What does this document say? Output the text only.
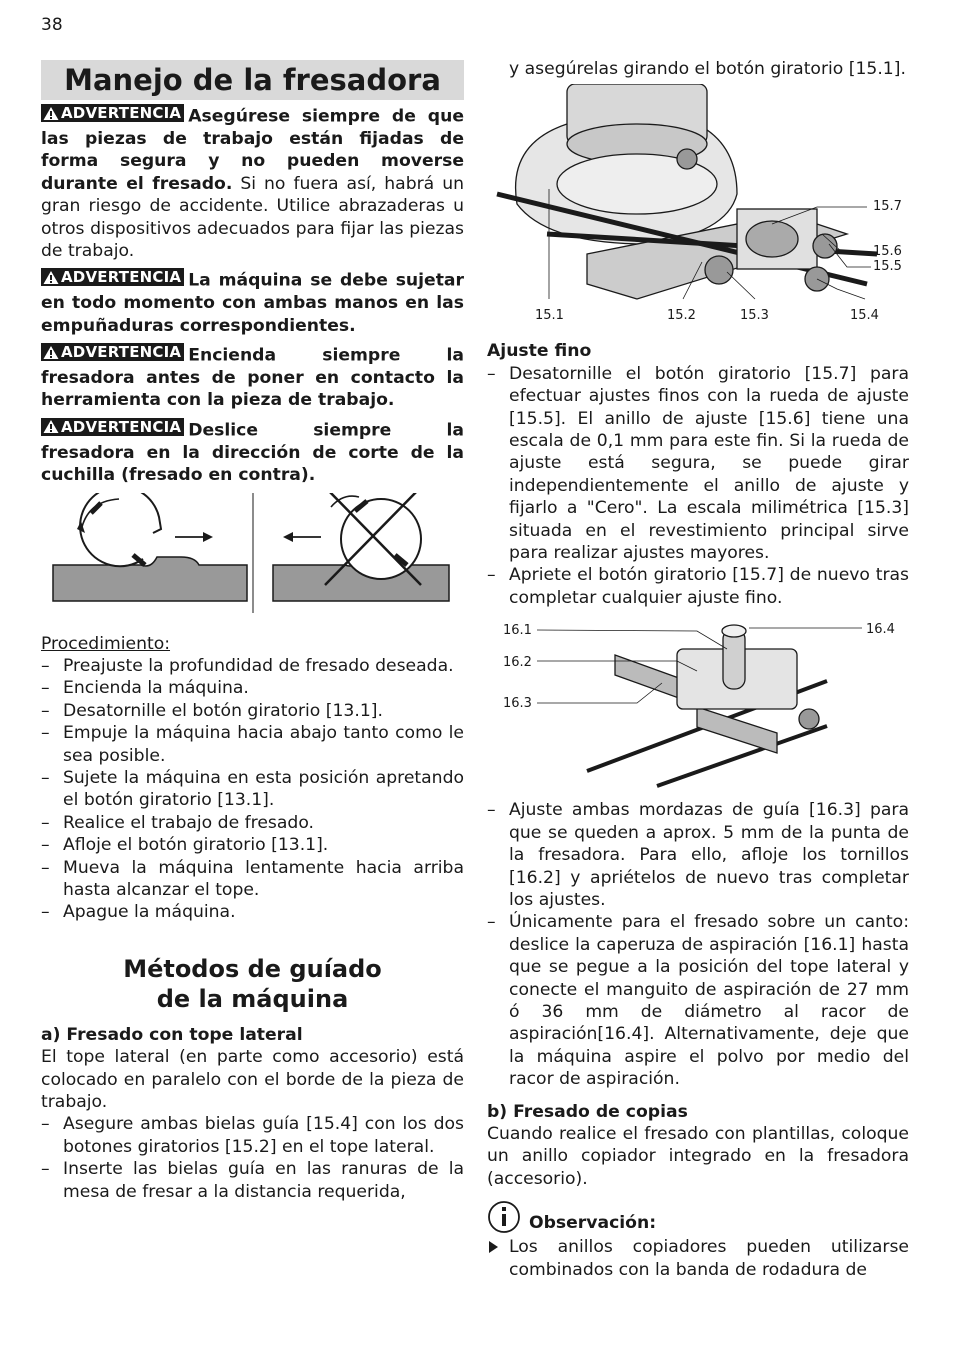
38
Manejo de la fresadora
ADVERTENCIA Asegúrese siempre de que las piezas de trabajo están fijadas de forma segura y no pueden moverse durante el fresado. Si no fuera así, habrá un gran riesgo de accidente. Utilice abrazaderas u otros dispositivos adecuados para fijar las piezas de trabajo.
ADVERTENCIA La máquina se debe sujetar en todo momento con ambas manos en las empuñaduras correspondientes.
ADVERTENCIA Encienda siempre la fresadora antes de poner en contacto la herramienta con la pieza de trabajo.
ADVERTENCIA Deslice siempre la fresadora en la dirección de corte de la cuchilla (fresado en contra).
Procedimiento:
– Preajuste la profundidad de fresado deseada.
– Encienda la máquina.
– Desatornille el botón giratorio [13.1].
– Empuje la máquina hacia abajo tanto como le sea posible.
– Sujete la máquina en esta posición apretando el botón giratorio [13.1].
– Realice el trabajo de fresado.
– Afloje el botón giratorio [13.1].
– Mueva la máquina lentamente hacia arriba hasta alcanzar el tope.
– Apague la máquina.
Métodos de guíado
de la máquina
a) Fresado con tope lateral

El tope lateral (en parte como accesorio) está colocado en paralelo con el borde de la pieza de trabajo.

– Asegure ambas bielas guía [15.4] con los dos botones giratorios [15.2] en el tope lateral.
– Inserte las bielas guía en las ranuras de la mesa de fresar a la distancia requerida,

y asegúrelas girando el botón giratorio [15.1].

15.7
15.6
15.5
15.1	15.2	15.3	15.4
Ajuste fino
– Desatornille el botón giratorio [15.7] para efectuar ajustes finos con la rueda de ajuste [15.5]. El anillo de ajuste [15.6] tiene una escala de 0,1 mm para este fin. Si la rueda de ajuste está segura, se puede girar independientemente el anillo de ajuste y fijarlo a "Cero". La escala milimétrica [15.3] situada en el revestimiento principal sirve para realizar ajustes mayores.
– Apriete el botón giratorio [15.7] de nuevo tras completar cualquier ajuste fino.
16.1
16.2
16.3
16.4
– Ajuste ambas mordazas de guía [16.3] para que se queden a aprox. 5 mm de la punta de la fresadora. Para ello, afloje los tornillos [16.2] y apriételos de nuevo tras completar los ajustes.
– Únicamente para el fresado sobre un canto: deslice la caperuza de aspiración [16.1] hasta que se pegue a la posición del tope lateral y conecte el manguito de aspiración de 27 mm ó 36 mm de diámetro al racor de aspiración[16.4]. Alternativamente, deje que la máquina aspire el polvo por medio del racor de aspiración.
b) Fresado de copias

Cuando realice el fresado con plantillas, coloque un anillo copiador integrado en la fresadora (accesorio).

Observación:
Los anillos copiadores pueden utilizarse combinados con la banda de rodadura de
